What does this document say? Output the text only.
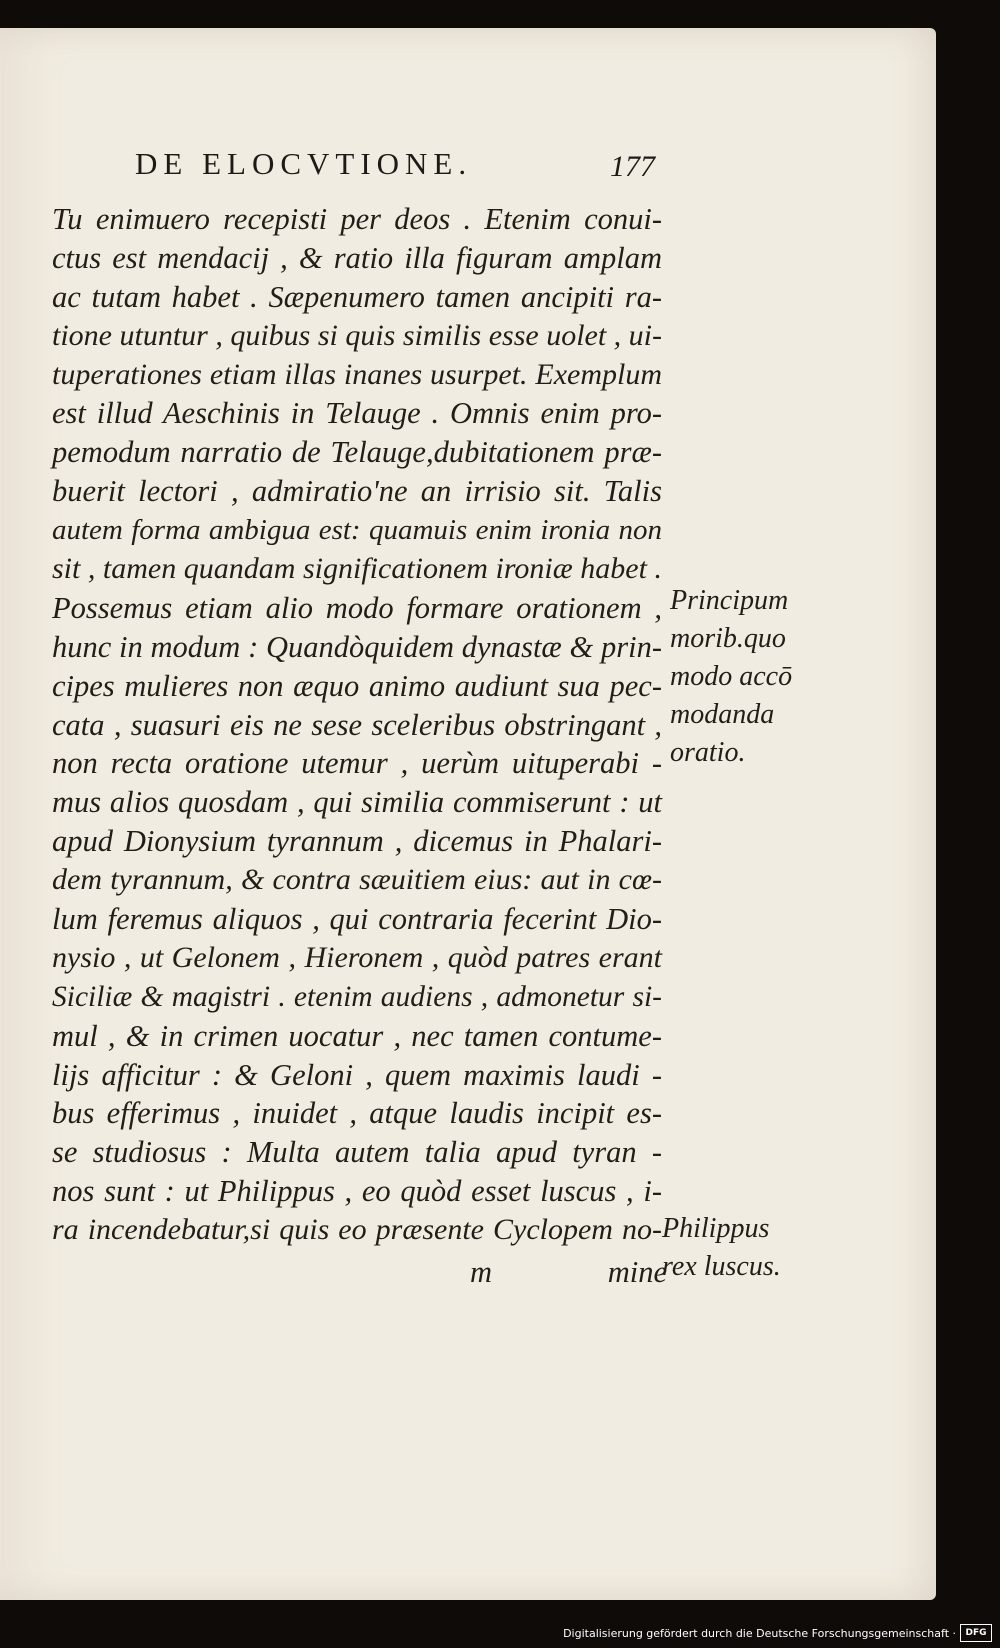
DE ELOCVTIONE.	177
Tu enimuero recepisti per deos . Etenim conui-
ctus est mendacij , & ratio illa figuram amplam
ac tutam habet . Sæpenumero tamen ancipiti ra-
tione utuntur , quibus si quis similis esse uolet , ui-
tuperationes etiam illas inanes usurpet. Exemplum
est illud Aeschinis in Telauge . Omnis enim pro-
pemodum narratio de Telauge,dubitationem præ-
buerit lectori , admiratio'ne an irrisio sit. Talis
autem forma ambigua est: quamuis enim ironia non
sit , tamen quandam significationem ironiæ habet .
Possemus etiam alio modo formare orationem ,
hunc in modum : Quandòquidem dynastæ & prin-
cipes mulieres non æquo animo audiunt sua pec-
cata , suasuri eis ne sese sceleribus obstringant ,
non recta oratione utemur , uerùm uituperabi -
mus alios quosdam , qui similia commiserunt : ut
apud Dionysium tyrannum , dicemus in Phalari-
dem tyrannum, & contra sæuitiem eius: aut in cœ-
lum feremus aliquos , qui contraria fecerint Dio-
nysio , ut Gelonem , Hieronem , quòd patres erant
Siciliæ & magistri . etenim audiens , admonetur si-
mul , & in crimen uocatur , nec tamen contume-
lijs afficitur : & Geloni , quem maximis laudi -
bus efferimus , inuidet , atque laudis incipit es-
se studiosus : Multa autem talia apud tyran -
nos sunt : ut Philippus , eo quòd esset luscus , i-
ra incendebatur,si quis eo præsente Cyclopem no-
m	mine
Principum
morib.quo
modo accō
modanda
oratio.
Philippus
rex luscus.
Digitalisierung gefördert durch die Deutsche Forschungsgemeinschaft ·	DFG
